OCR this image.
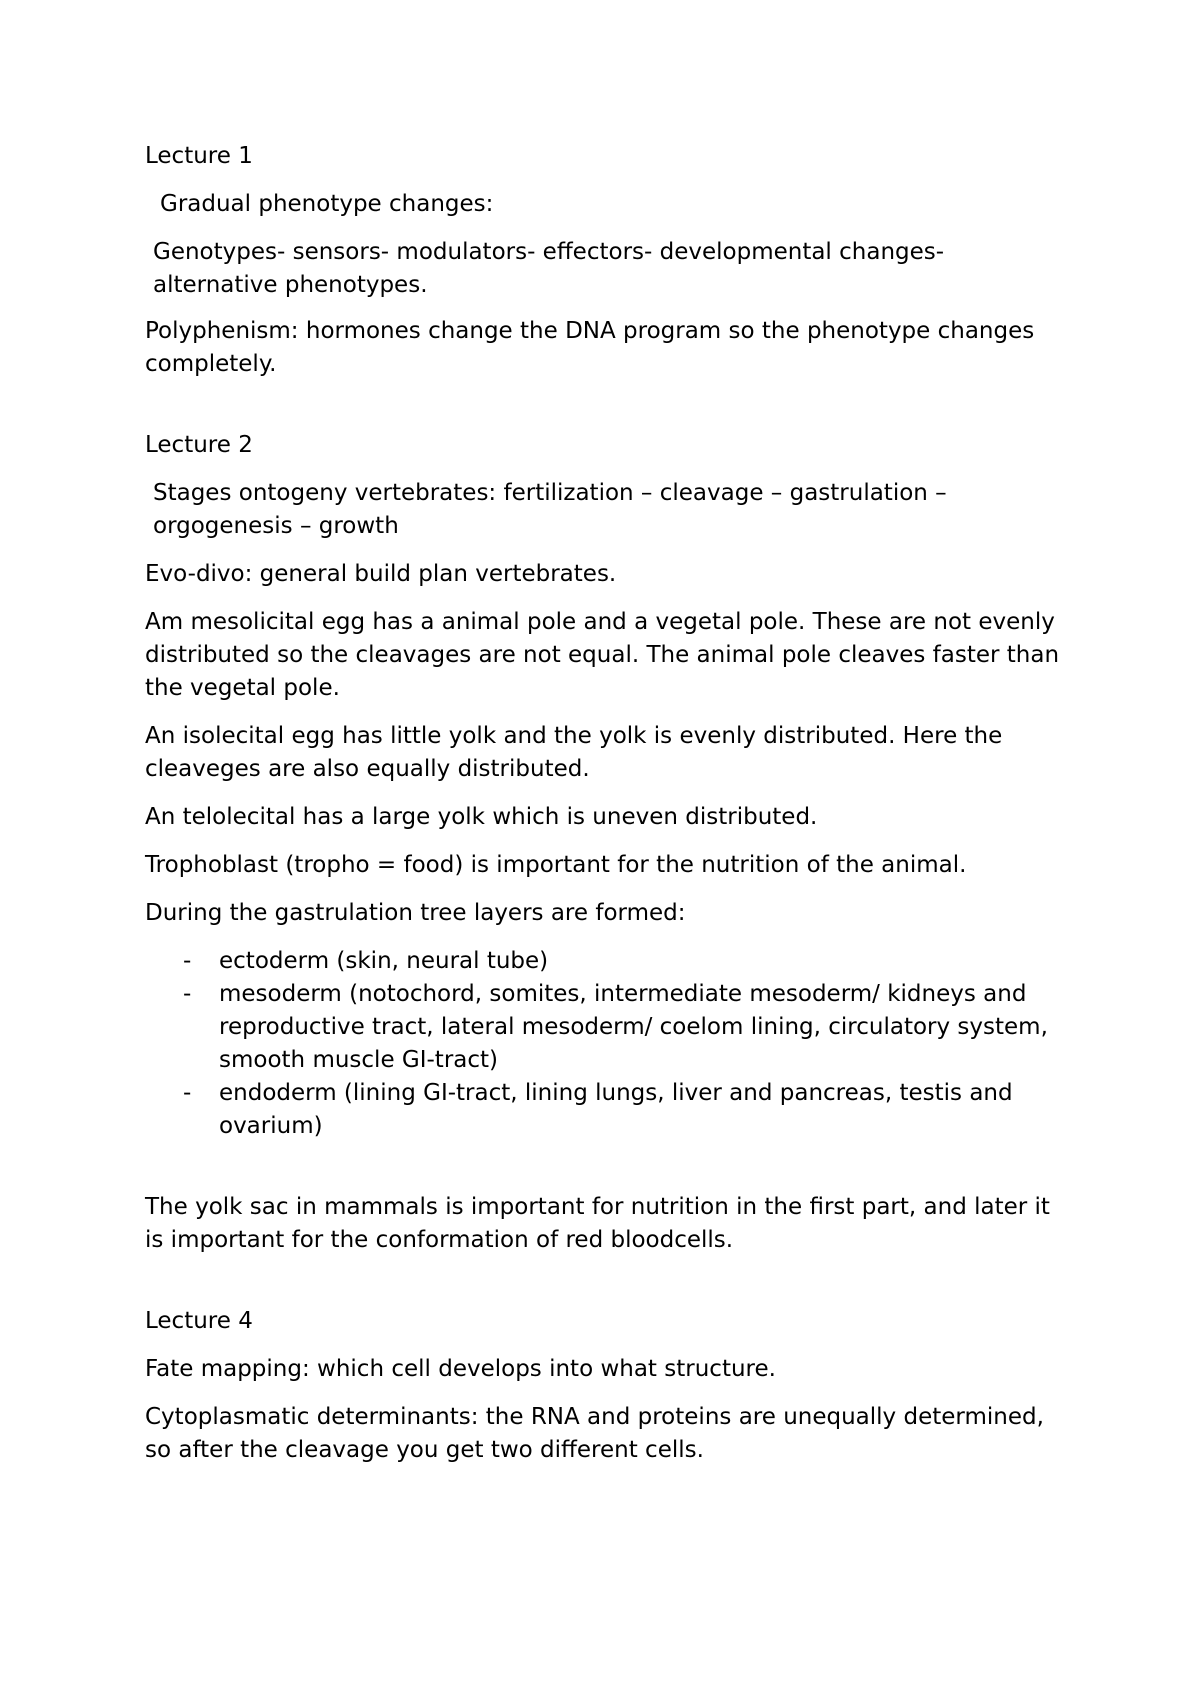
Lecture 1

Gradual phenotype changes:

Genotypes- sensors- modulators- effectors- developmental changes- alternative phenotypes.

Polyphenism: hormones change the DNA program so the phenotype changes completely.

Lecture 2

Stages ontogeny vertebrates: fertilization – cleavage – gastrulation – orgogenesis – growth

Evo-divo: general build plan vertebrates.

Am mesolicital egg has a animal pole and a vegetal pole. These are not evenly distributed so the cleavages are not equal. The animal pole cleaves faster than the vegetal pole.

An isolecital egg has little yolk and the yolk is evenly distributed. Here the cleaveges are also equally distributed.

An telolecital has a large yolk which is uneven distributed.

Trophoblast (tropho = food) is important for the nutrition of the animal.

During the gastrulation tree layers are formed:

- ectoderm (skin, neural tube)
- mesoderm (notochord, somites, intermediate mesoderm/ kidneys and reproductive tract, lateral mesoderm/ coelom lining, circulatory system, smooth muscle GI-tract)
- endoderm (lining GI-tract, lining lungs, liver and pancreas, testis and ovarium)

The yolk sac in mammals is important for nutrition in the first part, and later it is important for the conformation of red bloodcells.

Lecture 4

Fate mapping: which cell develops into what structure.

Cytoplasmatic determinants: the RNA and proteins are unequally determined, so after the cleavage you get two different cells.
